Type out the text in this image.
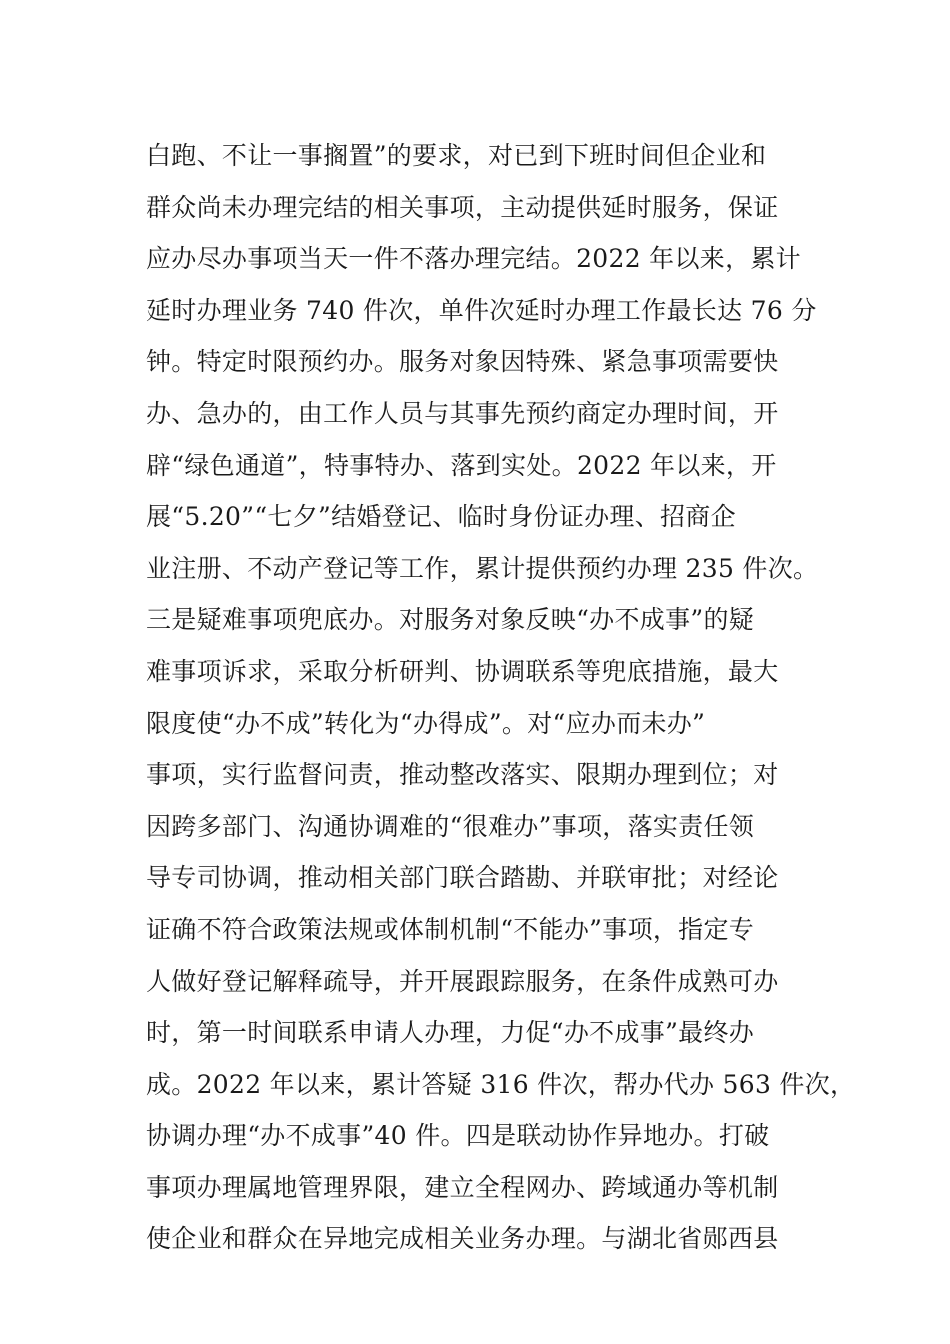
白跑、不让一事搁置”的要求，对已到下班时间但企业和
群众尚未办理完结的相关事项，主动提供延时服务，保证
应办尽办事项当天一件不落办理完结。2022 年以来，累计
延时办理业务 740 件次，单件次延时办理工作最长达 76 分
钟。特定时限预约办。服务对象因特殊、紧急事项需要快
办、急办的，由工作人员与其事先预约商定办理时间，开
辟“绿色通道”，特事特办、落到实处。2022 年以来，开
展“5.20”“七夕”结婚登记、临时身份证办理、招商企
业注册、不动产登记等工作，累计提供预约办理 235 件次。
三是疑难事项兜底办。对服务对象反映“办不成事”的疑
难事项诉求，采取分析研判、协调联系等兜底措施，最大
限度使“办不成”转化为“办得成”。对“应办而未办”
事项，实行监督问责，推动整改落实、限期办理到位；对
因跨多部门、沟通协调难的“很难办”事项，落实责任领
导专司协调，推动相关部门联合踏勘、并联审批；对经论
证确不符合政策法规或体制机制“不能办”事项，指定专
人做好登记解释疏导，并开展跟踪服务，在条件成熟可办
时，第一时间联系申请人办理，力促“办不成事”最终办
成。2022 年以来，累计答疑 316 件次，帮办代办 563 件次，
协调办理“办不成事”40 件。四是联动协作异地办。打破
事项办理属地管理界限，建立全程网办、跨域通办等机制
使企业和群众在异地完成相关业务办理。与湖北省郧西县
